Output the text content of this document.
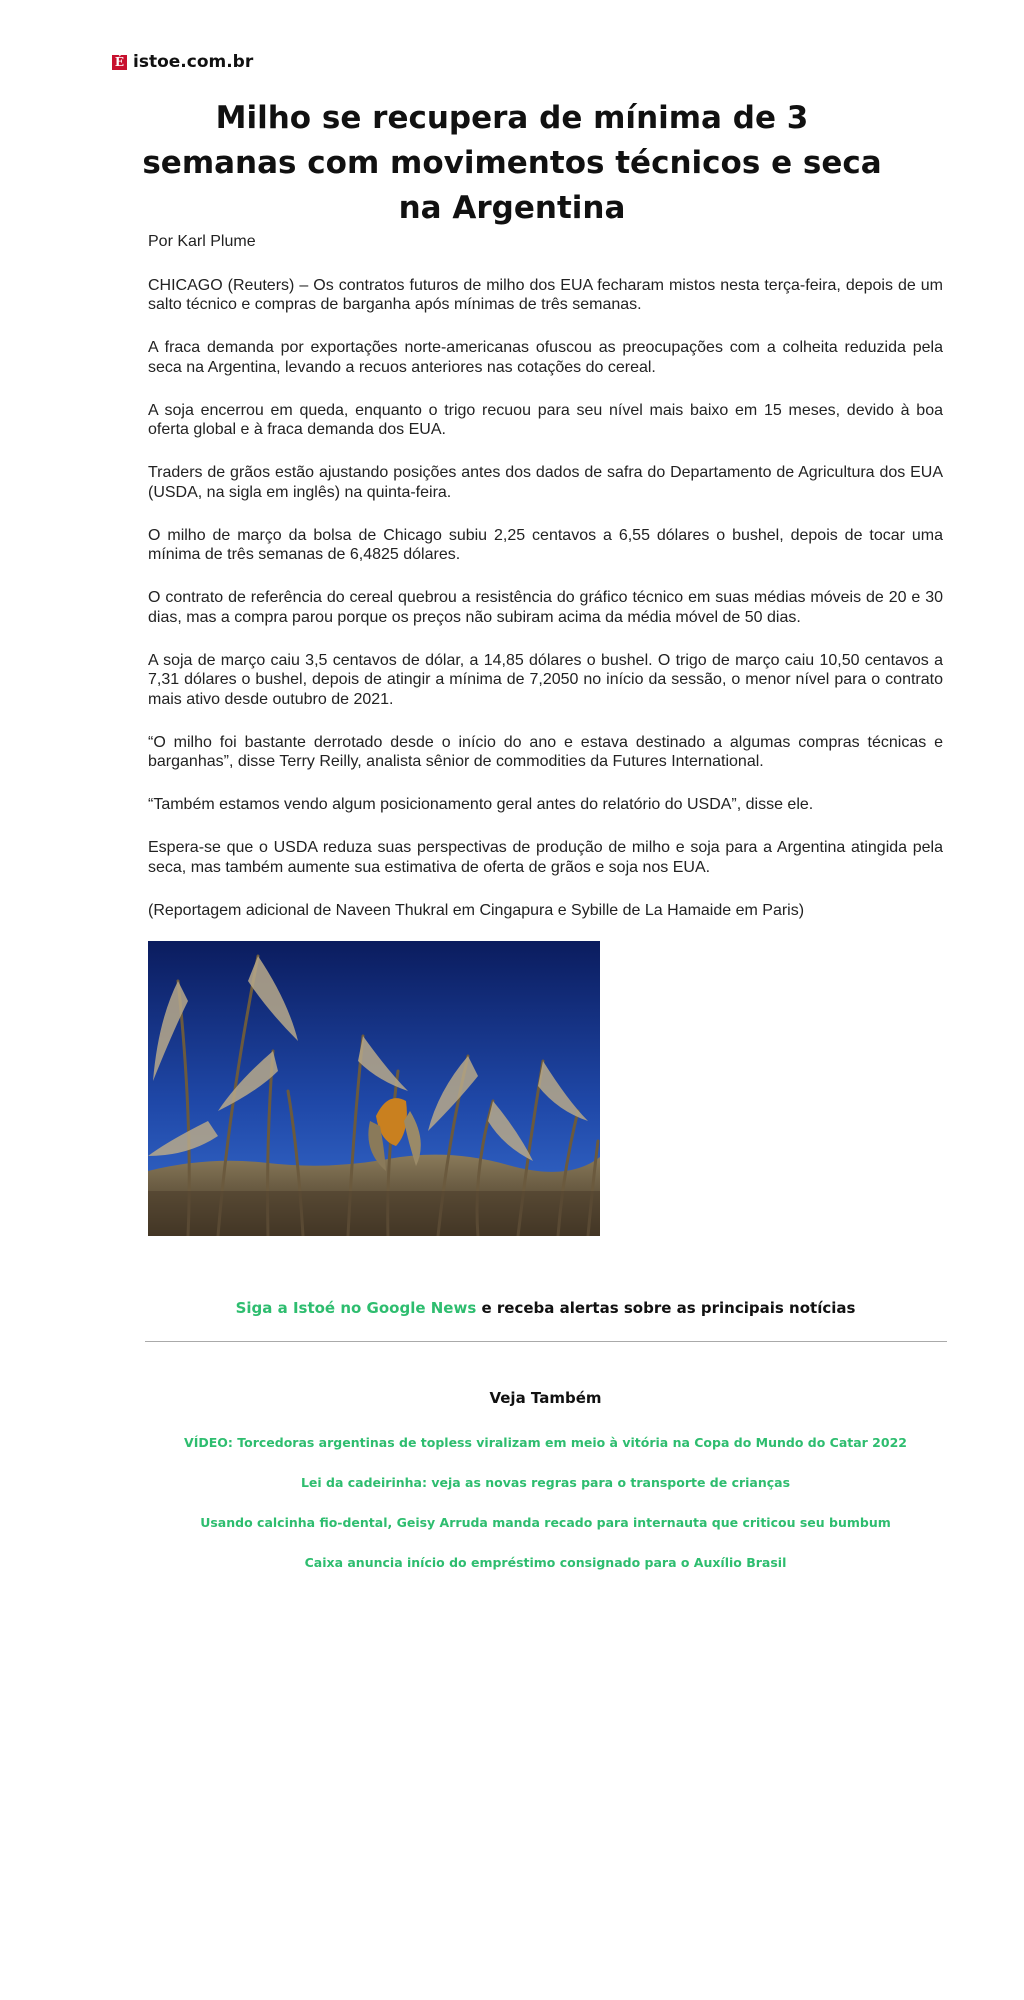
É istoe.com.br
Milho se recupera de mínima de 3 semanas com movimentos técnicos e seca na Argentina

Por Karl Plume

CHICAGO (Reuters) – Os contratos futuros de milho dos EUA fecharam mistos nesta terça-feira, depois de um salto técnico e compras de barganha após mínimas de três semanas.

A fraca demanda por exportações norte-americanas ofuscou as preocupações com a colheita reduzida pela seca na Argentina, levando a recuos anteriores nas cotações do cereal.

A soja encerrou em queda, enquanto o trigo recuou para seu nível mais baixo em 15 meses, devido à boa oferta global e à fraca demanda dos EUA.

Traders de grãos estão ajustando posições antes dos dados de safra do Departamento de Agricultura dos EUA (USDA, na sigla em inglês) na quinta-feira.

O milho de março da bolsa de Chicago subiu 2,25 centavos a 6,55 dólares o bushel, depois de tocar uma mínima de três semanas de 6,4825 dólares.

O contrato de referência do cereal quebrou a resistência do gráfico técnico em suas médias móveis de 20 e 30 dias, mas a compra parou porque os preços não subiram acima da média móvel de 50 dias.

A soja de março caiu 3,5 centavos de dólar, a 14,85 dólares o bushel. O trigo de março caiu 10,50 centavos a 7,31 dólares o bushel, depois de atingir a mínima de 7,2050 no início da sessão, o menor nível para o contrato mais ativo desde outubro de 2021.

“O milho foi bastante derrotado desde o início do ano e estava destinado a algumas compras técnicas e barganhas”, disse Terry Reilly, analista sênior de commodities da Futures International.

“Também estamos vendo algum posicionamento geral antes do relatório do USDA”, disse ele.

Espera-se que o USDA reduza suas perspectivas de produção de milho e soja para a Argentina atingida pela seca, mas também aumente sua estimativa de oferta de grãos e soja nos EUA.

(Reportagem adicional de Naveen Thukral em Cingapura e Sybille de La Hamaide em Paris)

Siga a Istoé no Google News e receba alertas sobre as principais notícias

Veja Também
VÍDEO: Torcedoras argentinas de topless viralizam em meio à vitória na Copa do Mundo do Catar 2022
Lei da cadeirinha: veja as novas regras para o transporte de crianças
Usando calcinha fio-dental, Geisy Arruda manda recado para internauta que criticou seu bumbum
Caixa anuncia início do empréstimo consignado para o Auxílio Brasil
